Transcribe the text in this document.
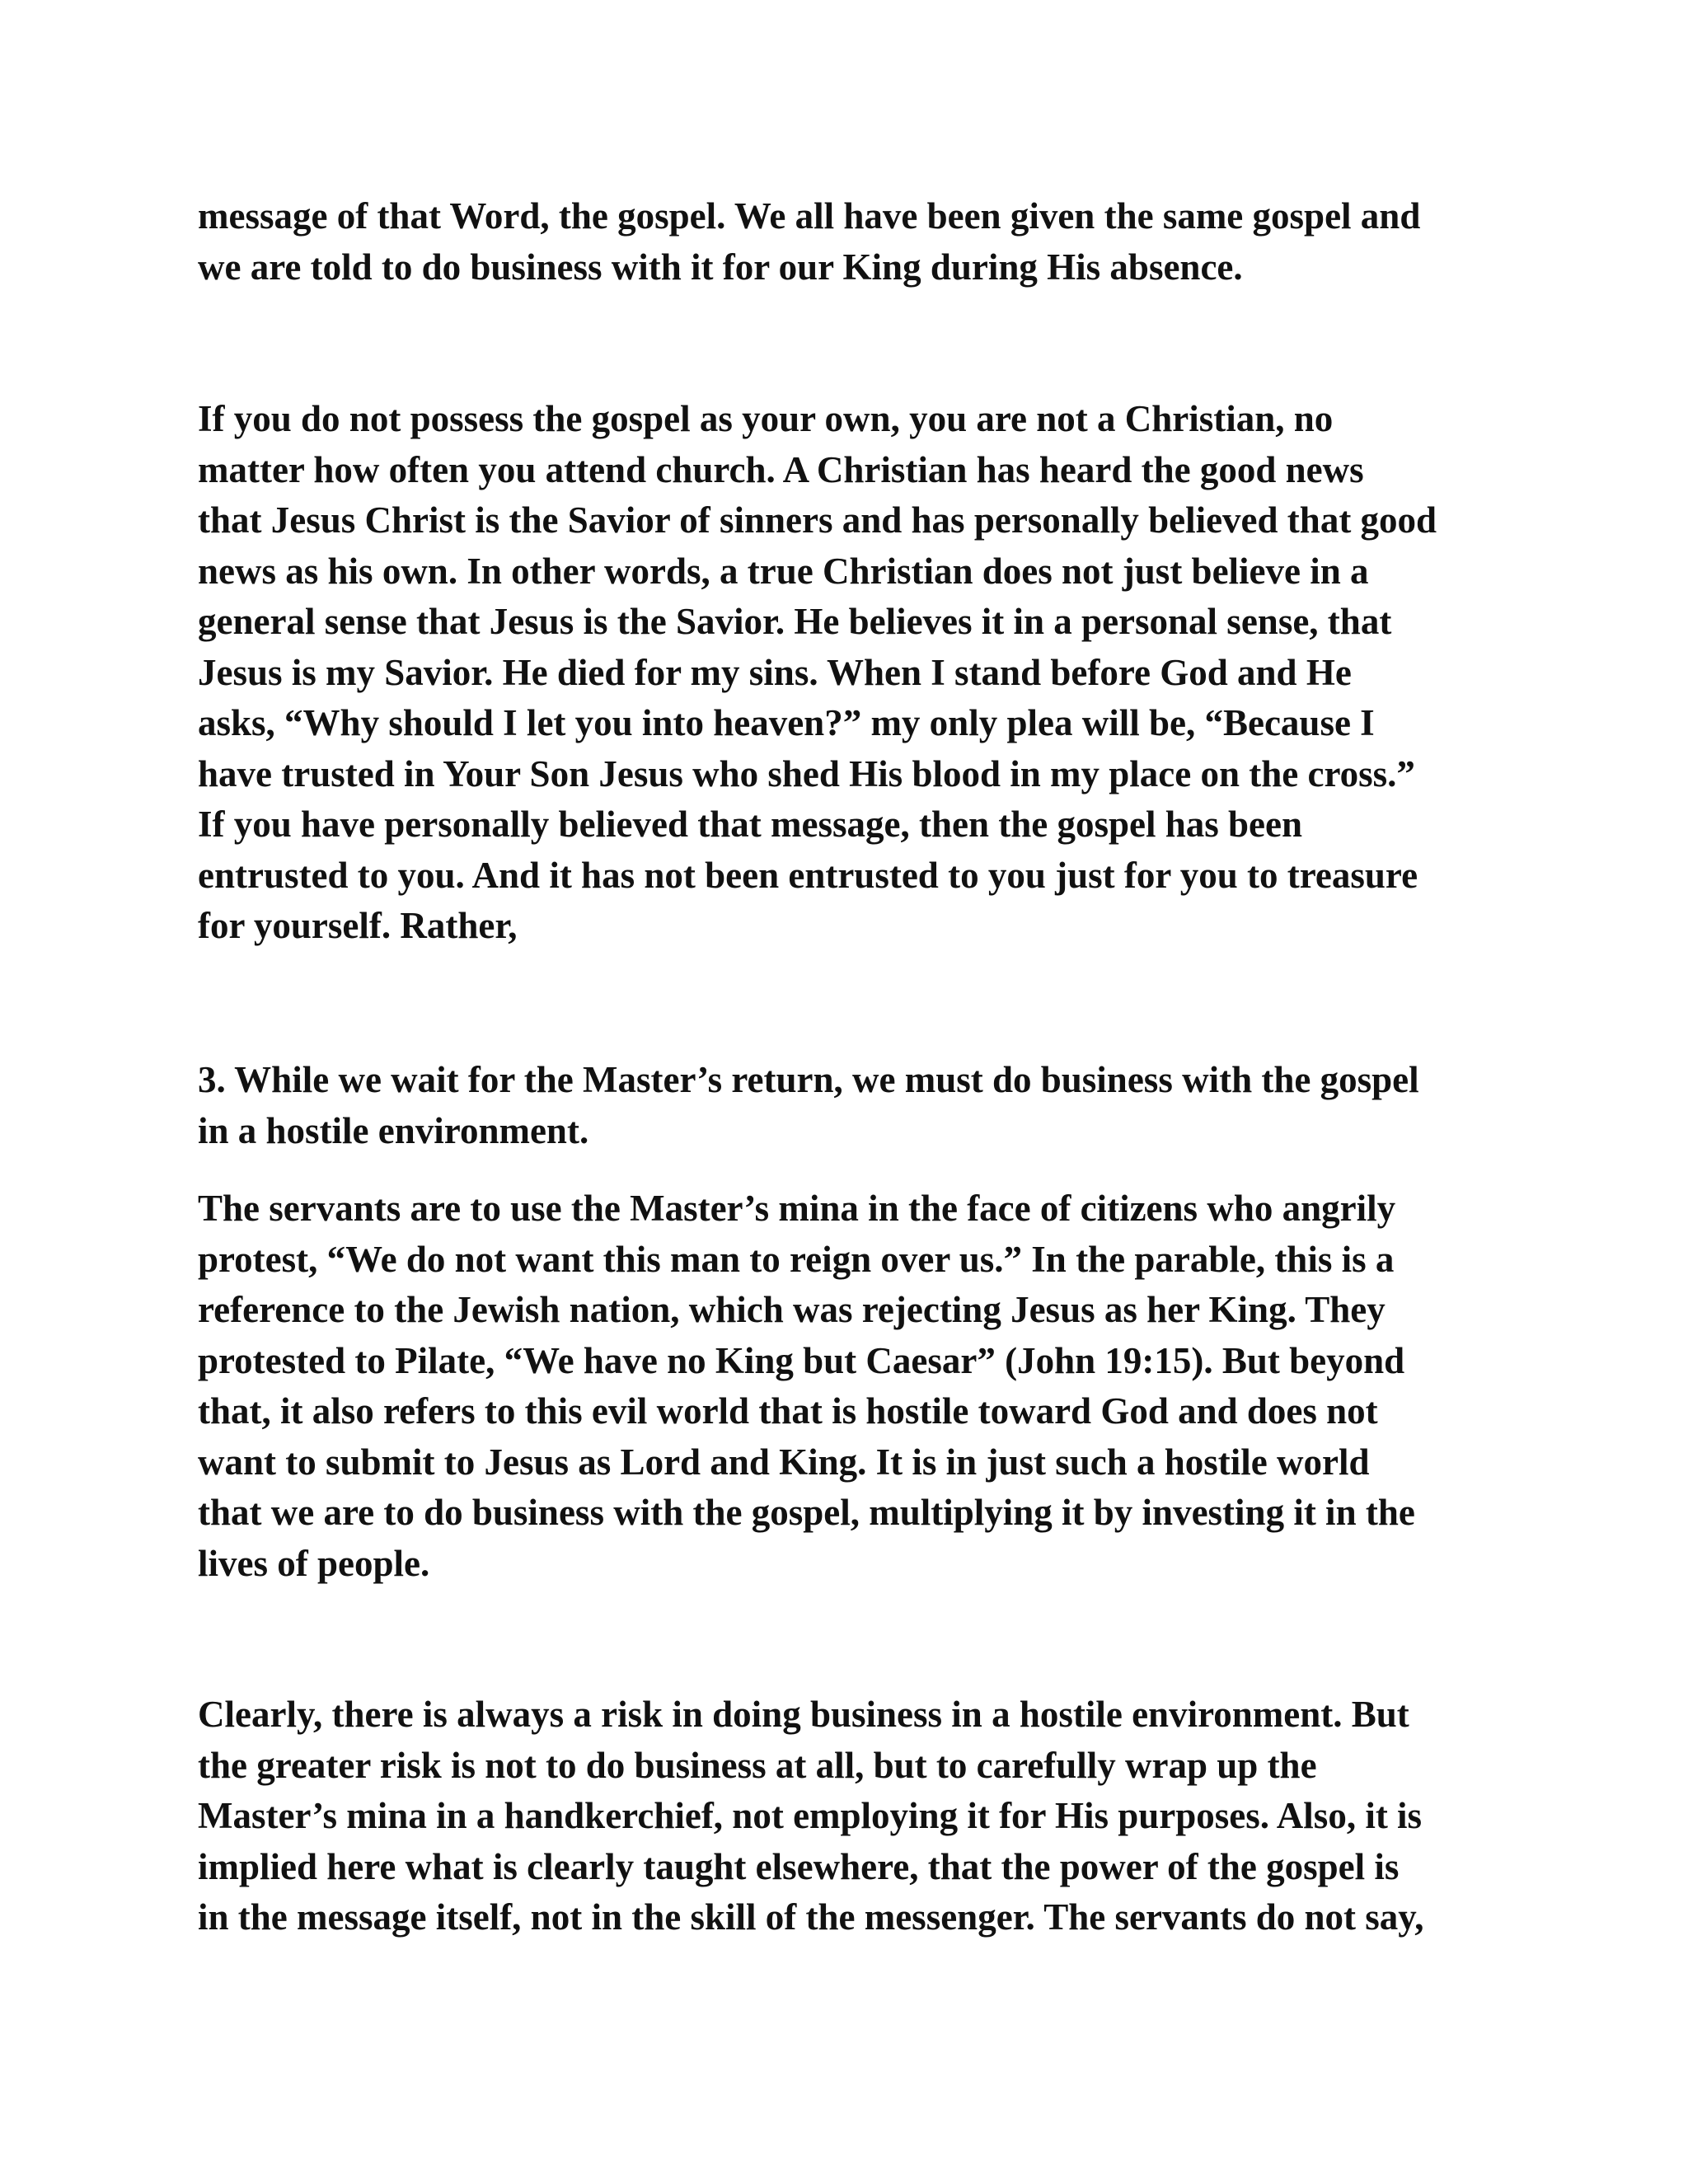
message of that Word, the gospel. We all have been given the same gospel and
we are told to do business with it for our King during His absence.

If you do not possess the gospel as your own, you are not a Christian, no
matter how often you attend church. A Christian has heard the good news
that Jesus Christ is the Savior of sinners and has personally believed that good
news as his own. In other words, a true Christian does not just believe in a
general sense that Jesus is the Savior. He believes it in a personal sense, that
Jesus is my Savior. He died for my sins. When I stand before God and He
asks, “Why should I let you into heaven?” my only plea will be, “Because I
have trusted in Your Son Jesus who shed His blood in my place on the cross.”
If you have personally believed that message, then the gospel has been
entrusted to you. And it has not been entrusted to you just for you to treasure
for yourself. Rather,

3. While we wait for the Master’s return, we must do business with the gospel
in a hostile environment.

The servants are to use the Master’s mina in the face of citizens who angrily
protest, “We do not want this man to reign over us.” In the parable, this is a
reference to the Jewish nation, which was rejecting Jesus as her King. They
protested to Pilate, “We have no King but Caesar” (John 19:15). But beyond
that, it also refers to this evil world that is hostile toward God and does not
want to submit to Jesus as Lord and King. It is in just such a hostile world
that we are to do business with the gospel, multiplying it by investing it in the
lives of people.

Clearly, there is always a risk in doing business in a hostile environment. But
the greater risk is not to do business at all, but to carefully wrap up the
Master’s mina in a handkerchief, not employing it for His purposes. Also, it is
implied here what is clearly taught elsewhere, that the power of the gospel is
in the message itself, not in the skill of the messenger. The servants do not say,
